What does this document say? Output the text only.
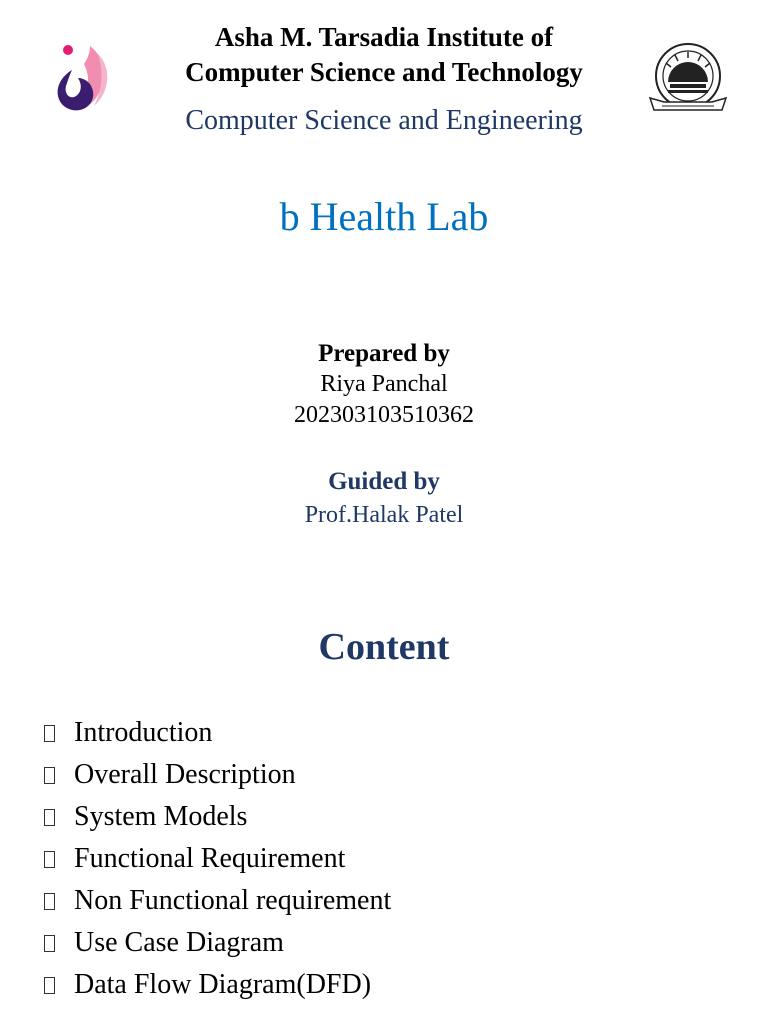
Asha M. Tarsadia Institute of
Computer Science and Technology
Computer Science and Engineering
b Health Lab
Prepared by
Riya Panchal
202303103510362
Guided by
Prof.Halak Patel
Content
Introduction
Overall Description
System Models
Functional Requirement
Non Functional requirement
Use Case Diagram
Data Flow Diagram(DFD)
